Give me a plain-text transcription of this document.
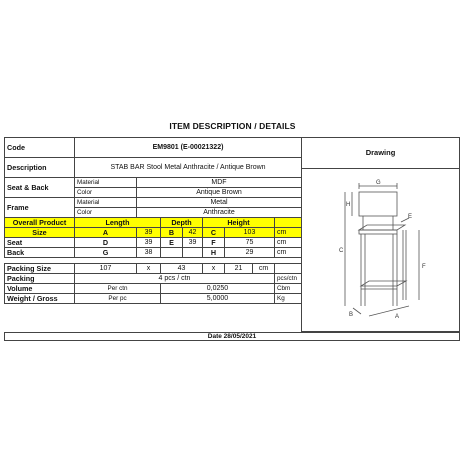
ITEM DESCRIPTION / DETAILS
Code	EM9801 (E-00021322)							
Description	STAB BAR Stool Metal Anthracite / Antique Brown							
Seat & Back	Material	MDF						
	Color	Antique Brown						
Frame	Material	Metal						
	Color	Anthracite						
Overall Product	Length		Depth		Height			
Size	A	39	B	42	C	103		cm
Seat	D	39	E	39	F	75		cm
Back	G	38			H	29		cm

Packing Size	107	x	43		x	21	cm	
Packing	4 pcs / ctn							pcs/ctn
Volume	Per ctn		0,0250					Cbm
Weight / Gross	Per pc		5,0000					Kg
Drawing
G
H
E
C
F
B	A
Date 28/05/2021
